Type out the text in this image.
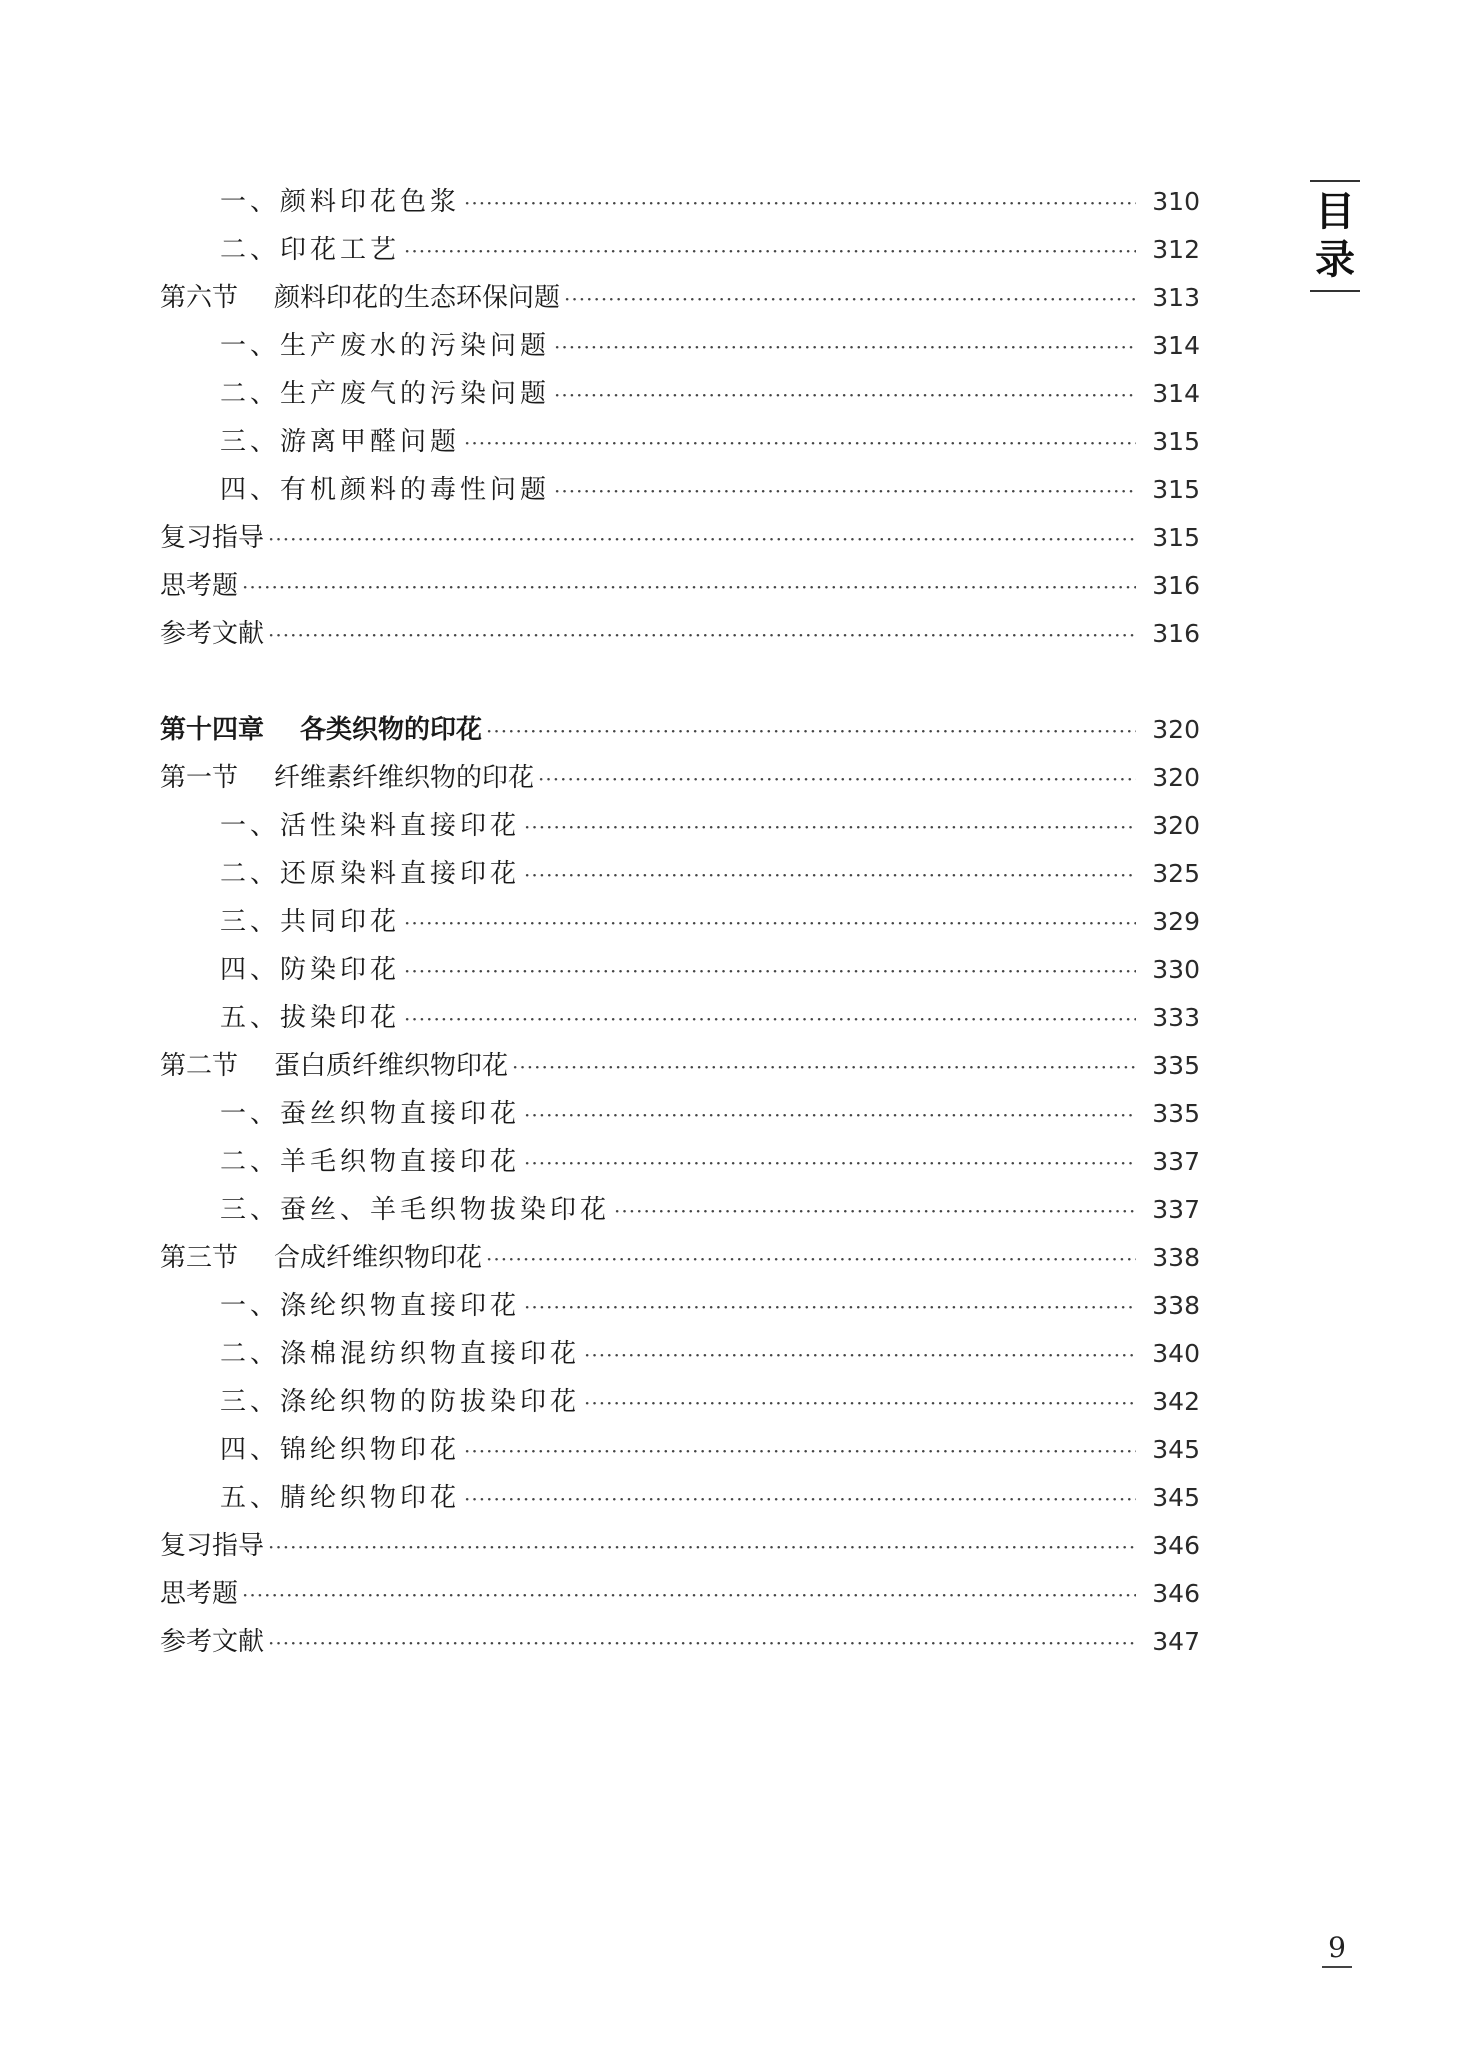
目录
一、颜料印花色浆 ·····	310
二、印花工艺 ·····	312
第六节 颜料印花的生态环保问题 ·····	313
一、生产废水的污染问题 ·····	314
二、生产废气的污染问题 ·····	314
三、游离甲醛问题 ·····	315
四、有机颜料的毒性问题 ·····	315
复习指导 ·····	315
思考题 ·····	316
参考文献 ·····	316
第十四章 各类织物的印花 ·····	320
第一节 纤维素纤维织物的印花 ·····	320
一、活性染料直接印花 ·····	320
二、还原染料直接印花 ·····	325
三、共同印花 ·····	329
四、防染印花 ·····	330
五、拔染印花 ·····	333
第二节 蛋白质纤维织物印花 ·····	335
一、蚕丝织物直接印花 ·····	335
二、羊毛织物直接印花 ·····	337
三、蚕丝、羊毛织物拔染印花 ·····	337
第三节 合成纤维织物印花 ·····	338
一、涤纶织物直接印花 ·····	338
二、涤棉混纺织物直接印花 ·····	340
三、涤纶织物的防拔染印花 ·····	342
四、锦纶织物印花 ·····	345
五、腈纶织物印花 ·····	345
复习指导 ·····	346
思考题 ·····	346
参考文献 ·····	347
9
